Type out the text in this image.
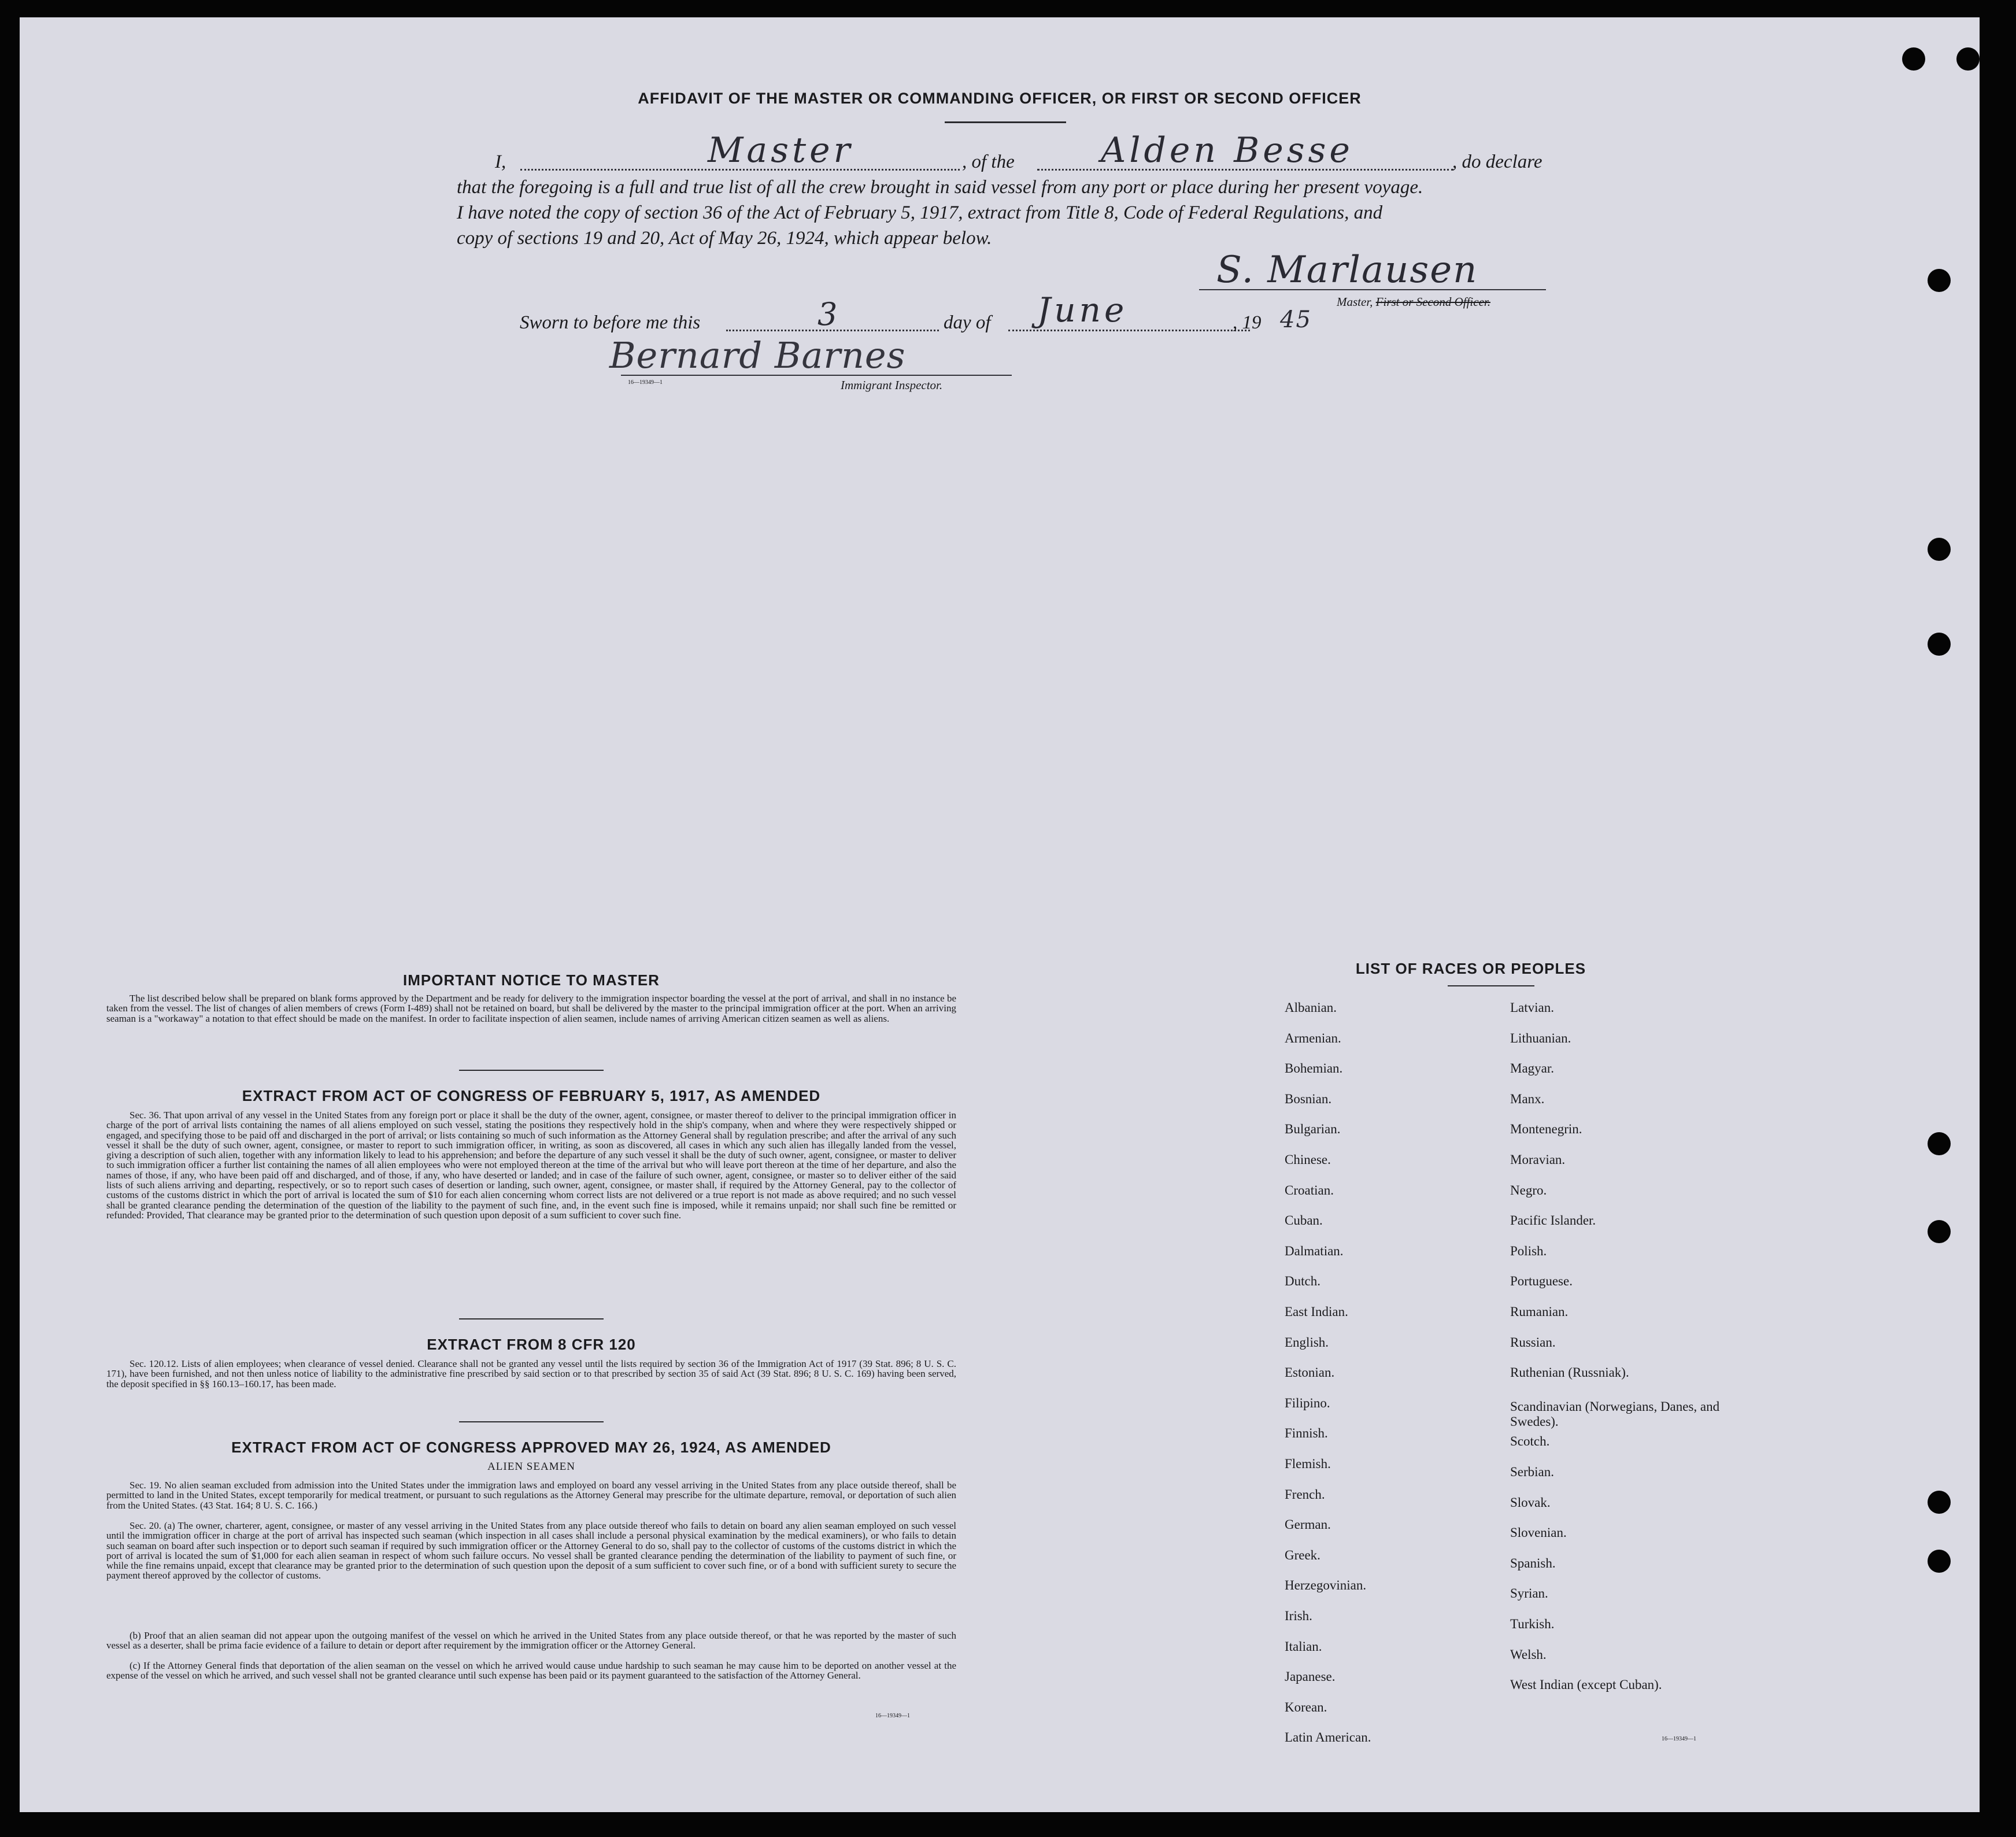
AFFIDAVIT OF THE MASTER OR COMMANDING OFFICER, OR FIRST OR SECOND OFFICER
I,	Master	, of the Alden Besse	, do declare
that the foregoing is a full and true list of all the crew brought in said vessel from any port or place during her present voyage.
I have noted the copy of section 36 of the Act of February 5, 1917, extract from Title 8, Code of Federal Regulations, and
copy of sections 19 and 20, Act of May 26, 1924, which appear below.
S. Marlausen
Master, First or Second Officer.
Sworn to before me this	3	day of June	, 19 45
Bernard Barnes
16—19349—1	Immigrant Inspector.
IMPORTANT NOTICE TO MASTER

The list described below shall be prepared on blank forms approved by the Department and be ready for delivery to the immigration inspector boarding the vessel at the port of arrival, and shall in no instance be taken from the vessel. The list of changes of alien members of crews (Form I-489) shall not be retained on board, but shall be delivered by the master to the principal immigration officer at the port. When an arriving seaman is a "workaway" a notation to that effect should be made on the manifest. In order to facilitate inspection of alien seamen, include names of arriving American citizen seamen as well as aliens.

EXTRACT FROM ACT OF CONGRESS OF FEBRUARY 5, 1917, AS AMENDED

Sec. 36. That upon arrival of any vessel in the United States from any foreign port or place it shall be the duty of the owner, agent, consignee, or master thereof to deliver to the principal immigration officer in charge of the port of arrival lists containing the names of all aliens employed on such vessel, stating the positions they respectively hold in the ship's company, when and where they were respectively shipped or engaged, and specifying those to be paid off and discharged in the port of arrival; or lists containing so much of such information as the Attorney General shall by regulation prescribe; and after the arrival of any such vessel it shall be the duty of such owner, agent, consignee, or master to report to such immigration officer, in writing, as soon as discovered, all cases in which any such alien has illegally landed from the vessel, giving a description of such alien, together with any information likely to lead to his apprehension; and before the departure of any such vessel it shall be the duty of such owner, agent, consignee, or master to deliver to such immigration officer a further list containing the names of all alien employees who were not employed thereon at the time of the arrival but who will leave port thereon at the time of her departure, and also the names of those, if any, who have been paid off and discharged, and of those, if any, who have deserted or landed; and in case of the failure of such owner, agent, consignee, or master so to deliver either of the said lists of such aliens arriving and departing, respectively, or so to report such cases of desertion or landing, such owner, agent, consignee, or master shall, if required by the Attorney General, pay to the collector of customs of the customs district in which the port of arrival is located the sum of $10 for each alien concerning whom correct lists are not delivered or a true report is not made as above required; and no such vessel shall be granted clearance pending the determination of the question of the liability to the payment of such fine, and, in the event such fine is imposed, while it remains unpaid; nor shall such fine be remitted or refunded: Provided, That clearance may be granted prior to the determination of such question upon deposit of a sum sufficient to cover such fine.

EXTRACT FROM 8 CFR 120

Sec. 120.12. Lists of alien employees; when clearance of vessel denied. Clearance shall not be granted any vessel until the lists required by section 36 of the Immigration Act of 1917 (39 Stat. 896; 8 U. S. C. 171), have been furnished, and not then unless notice of liability to the administrative fine prescribed by said section or to that prescribed by section 35 of said Act (39 Stat. 896; 8 U. S. C. 169) having been served, the deposit specified in §§ 160.13–160.17, has been made.

EXTRACT FROM ACT OF CONGRESS APPROVED MAY 26, 1924, AS AMENDED
ALIEN SEAMEN

Sec. 19. No alien seaman excluded from admission into the United States under the immigration laws and employed on board any vessel arriving in the United States from any place outside thereof, shall be permitted to land in the United States, except temporarily for medical treatment, or pursuant to such regulations as the Attorney General may prescribe for the ultimate departure, removal, or deportation of such alien from the United States. (43 Stat. 164; 8 U. S. C. 166.)

Sec. 20. (a) The owner, charterer, agent, consignee, or master of any vessel arriving in the United States from any place outside thereof who fails to detain on board any alien seaman employed on such vessel until the immigration officer in charge at the port of arrival has inspected such seaman (which inspection in all cases shall include a personal physical examination by the medical examiners), or who fails to detain such seaman on board after such inspection or to deport such seaman if required by such immigration officer or the Attorney General to do so, shall pay to the collector of customs of the customs district in which the port of arrival is located the sum of $1,000 for each alien seaman in respect of whom such failure occurs. No vessel shall be granted clearance pending the determination of the liability to payment of such fine, or while the fine remains unpaid, except that clearance may be granted prior to the determination of such question upon the deposit of a sum sufficient to cover such fine, or of a bond with sufficient surety to secure the payment thereof approved by the collector of customs.

(b) Proof that an alien seaman did not appear upon the outgoing manifest of the vessel on which he arrived in the United States from any place outside thereof, or that he was reported by the master of such vessel as a deserter, shall be prima facie evidence of a failure to detain or deport after requirement by the immigration officer or the Attorney General.

(c) If the Attorney General finds that deportation of the alien seaman on the vessel on which he arrived would cause undue hardship to such seaman he may cause him to be deported on another vessel at the expense of the vessel on which he arrived, and such vessel shall not be granted clearance until such expense has been paid or its payment guaranteed to the satisfaction of the Attorney General.

16—19349—1
LIST OF RACES OR PEOPLES
16—19349—1
Albanian.
Armenian.
Bohemian.
Bosnian.
Bulgarian.
Chinese.
Croatian.
Cuban.
Dalmatian.
Dutch.
East Indian.
English.
Estonian.
Filipino.
Finnish.
Flemish.
French.
German.
Greek.
Herzegovinian.
Irish.
Italian.
Japanese.
Korean.
Latin American.
Latvian.
Lithuanian.
Magyar.
Manx.
Montenegrin.
Moravian.
Negro.
Pacific Islander.
Polish.
Portuguese.
Rumanian.
Russian.
Ruthenian (Russniak).
Scandinavian (Norwegians, Danes, and Swedes).
Scotch.
Serbian.
Slovak.
Slovenian.
Spanish.
Syrian.
Turkish.
Welsh.
West Indian (except Cuban).
